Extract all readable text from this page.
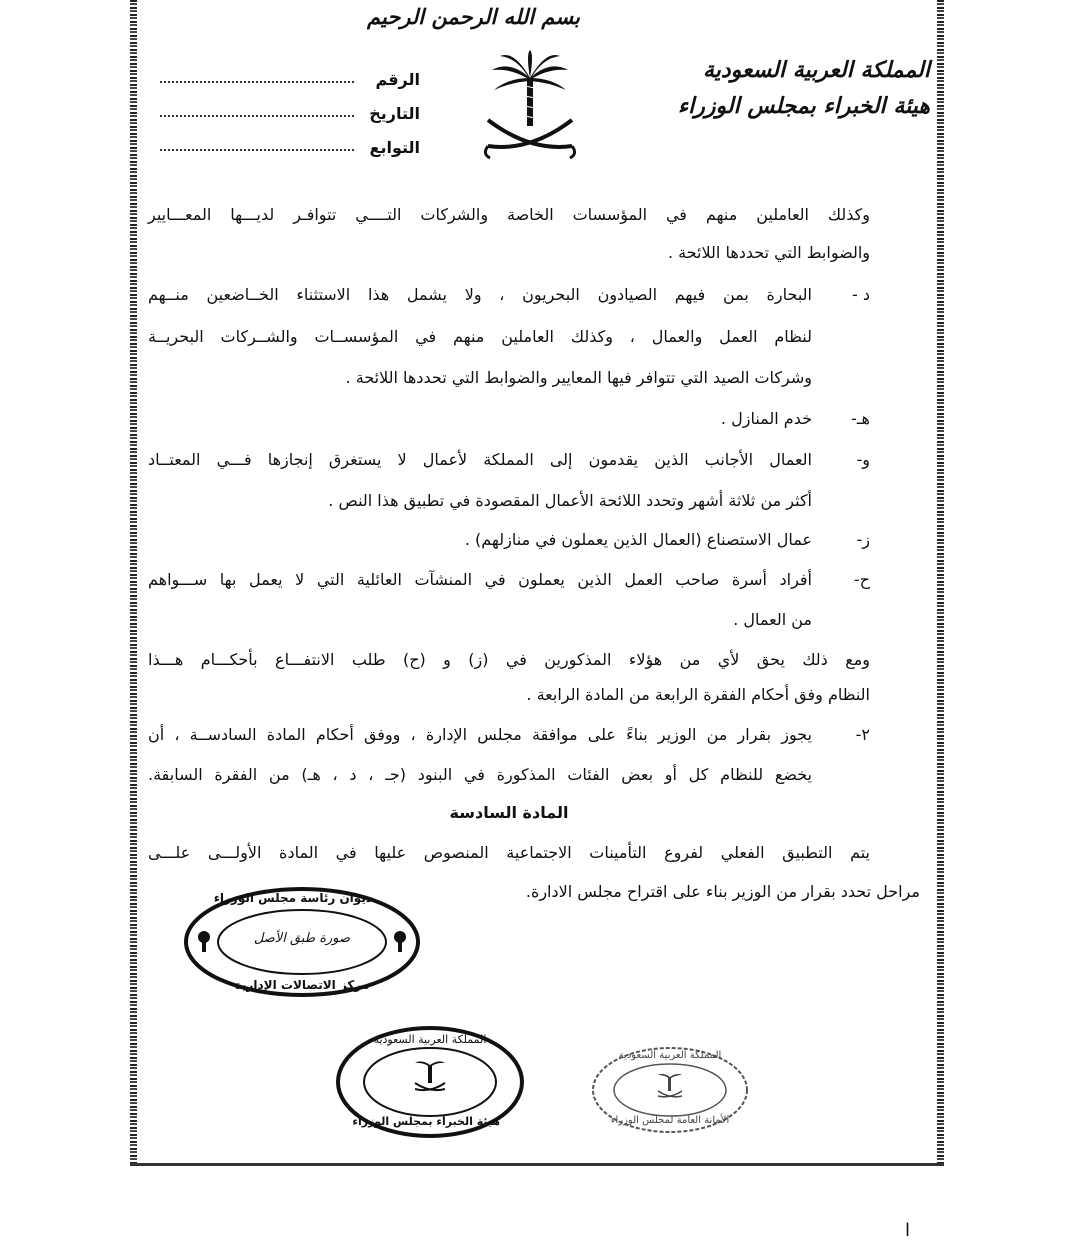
بسم الله الرحمن الرحيم
المملكة العربية السعودية
هيئة الخبراء بمجلس الوزراء
الرقم
التاريخ
التوابع
وكذلك العاملين منهم في المؤسسات الخاصة والشركات التــــي تتوافـر لديـــها المعـــايير
والضوابط التي تحددها اللائحة .
د -
البحارة بمن فيهم الصيادون البحريون ، ولا يشمل هذا الاستثناء الخــاضعين منــهم
لنظام العمل والعمال ، وكذلك العاملين منهم في المؤسســات والشــركات البحريــة
وشركات الصيد التي تتوافر فيها المعايير والضوابط التي تحددها اللائحة .
هـ-
خدم المنازل .
و-
العمال الأجانب الذين يقدمون إلى المملكة لأعمال لا يستغرق إنجازها فـــي المعتــاد
أكثر من ثلاثة أشهر وتحدد اللائحة الأعمال المقصودة في تطبيق هذا النص .
ز-
عمال الاستصناع (العمال الذين يعملون في منازلهم) .
ح-
أفراد أسرة صاحب العمل الذين يعملون في المنشآت العائلية التي لا يعمل بها ســـواهم
من العمال .
ومع ذلك يحق لأي من هؤلاء المذكورين في (ز) و (ح) طلب الانتفـــاع بأحكـــام هـــذا
النظام وفق أحكام الفقرة الرابعة من المادة الرابعة .
٢-
يجوز بقرار من الوزير بناءً على موافقة مجلس الإدارة ، ووفق أحكام المادة السادســة ، أن
يخضع للنظام كل أو بعض الفئات المذكورة في البنود (جـ ، د ، هـ) من الفقرة السابقة.
المادة السادسة
يتم التطبيق الفعلي لفروع التأمينات الاجتماعية المنصوص عليها في المادة الأولـــى علـــى
مراحل تحدد بقرار من الوزير بناء على اقتراح مجلس الادارة.
ديوان رئاسة مجلس الوزراء
صورة طبق الأصل
مركز الاتصالات الإدارية
المملكة العربية السعودية
هيئة الخبراء بمجلس الوزراء
المملكة العربية السعودية
الأمانة العامة لمجلس الوزراء
l
